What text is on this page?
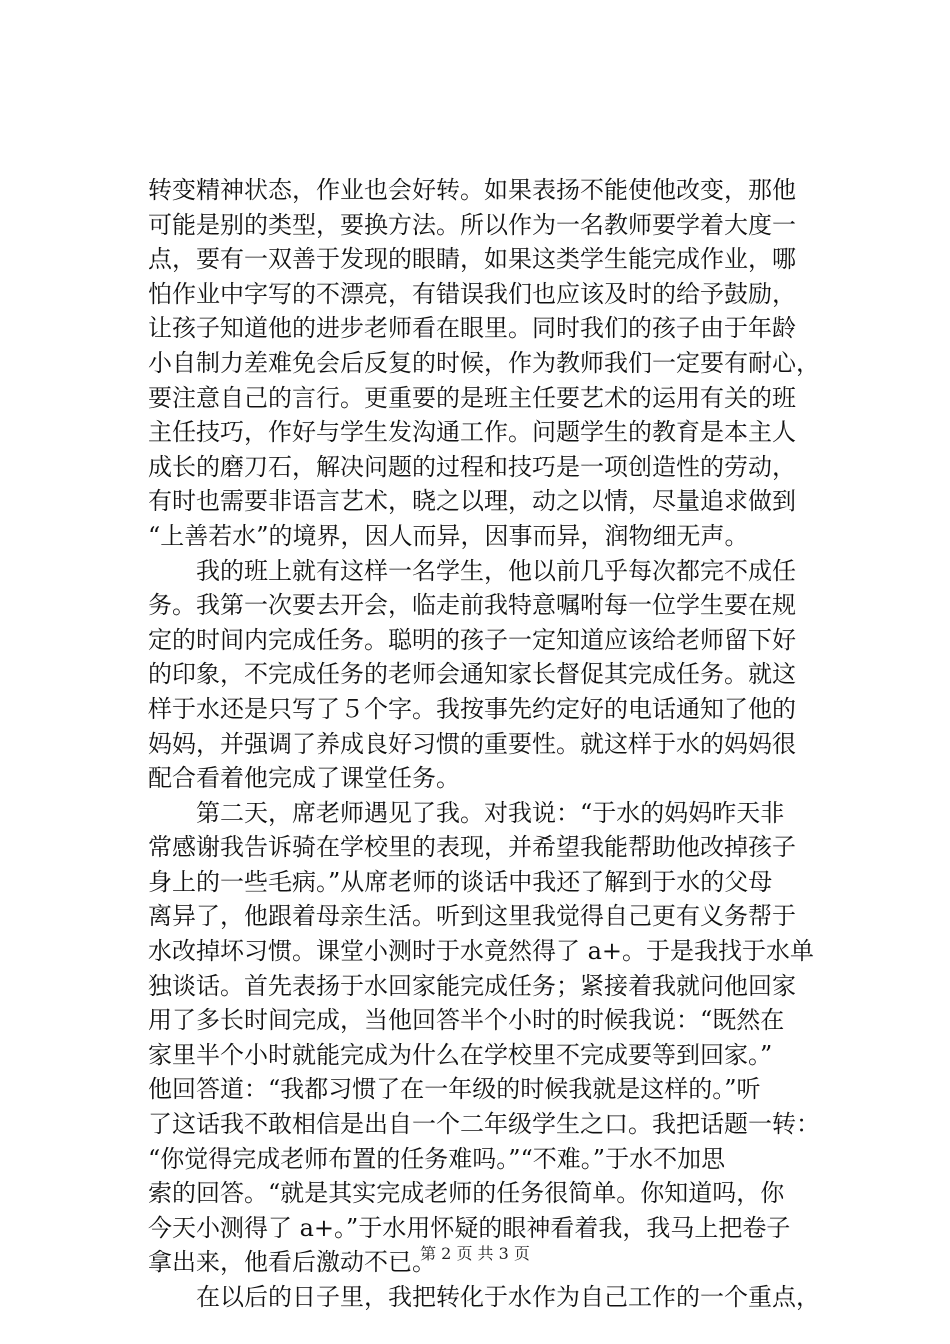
转变精神状态，作业也会好转。如果表扬不能使他改变，那他
可能是别的类型，要换方法。所以作为一名教师要学着大度一
点，要有一双善于发现的眼睛，如果这类学生能完成作业，哪
怕作业中字写的不漂亮，有错误我们也应该及时的给予鼓励，
让孩子知道他的进步老师看在眼里。同时我们的孩子由于年龄
小自制力差难免会后反复的时候，作为教师我们一定要有耐心，
要注意自己的言行。更重要的是班主任要艺术的运用有关的班
主任技巧，作好与学生发沟通工作。问题学生的教育是本主人
成长的磨刀石，解决问题的过程和技巧是一项创造性的劳动，
有时也需要非语言艺术，晓之以理，动之以情，尽量追求做到
“上善若水”的境界，因人而异，因事而异，润物细无声。
我的班上就有这样一名学生，他以前几乎每次都完不成任
务。我第一次要去开会，临走前我特意嘱咐每一位学生要在规
定的时间内完成任务。聪明的孩子一定知道应该给老师留下好
的印象，不完成任务的老师会通知家长督促其完成任务。就这
样于水还是只写了５个字。我按事先约定好的电话通知了他的
妈妈，并强调了养成良好习惯的重要性。就这样于水的妈妈很
配合看着他完成了课堂任务。
第二天，席老师遇见了我。对我说：“于水的妈妈昨天非
常感谢我告诉骑在学校里的表现，并希望我能帮助他改掉孩子
身上的一些毛病。”从席老师的谈话中我还了解到于水的父母
离异了，他跟着母亲生活。听到这里我觉得自己更有义务帮于
水改掉坏习惯。课堂小测时于水竟然得了 a+。于是我找于水单
独谈话。首先表扬于水回家能完成任务；紧接着我就问他回家
用了多长时间完成，当他回答半个小时的时候我说：“既然在
家里半个小时就能完成为什么在学校里不完成要等到回家。”
他回答道：“我都习惯了在一年级的时候我就是这样的。”听
了这话我不敢相信是出自一个二年级学生之口。我把话题一转：
“你觉得完成老师布置的任务难吗。”“不难。”于水不加思
索的回答。“就是其实完成老师的任务很简单。你知道吗，你
今天小测得了 a+。”于水用怀疑的眼神看着我，我马上把卷子
拿出来，他看后激动不已。
在以后的日子里，我把转化于水作为自己工作的一个重点，
第 2 页 共 3 页
